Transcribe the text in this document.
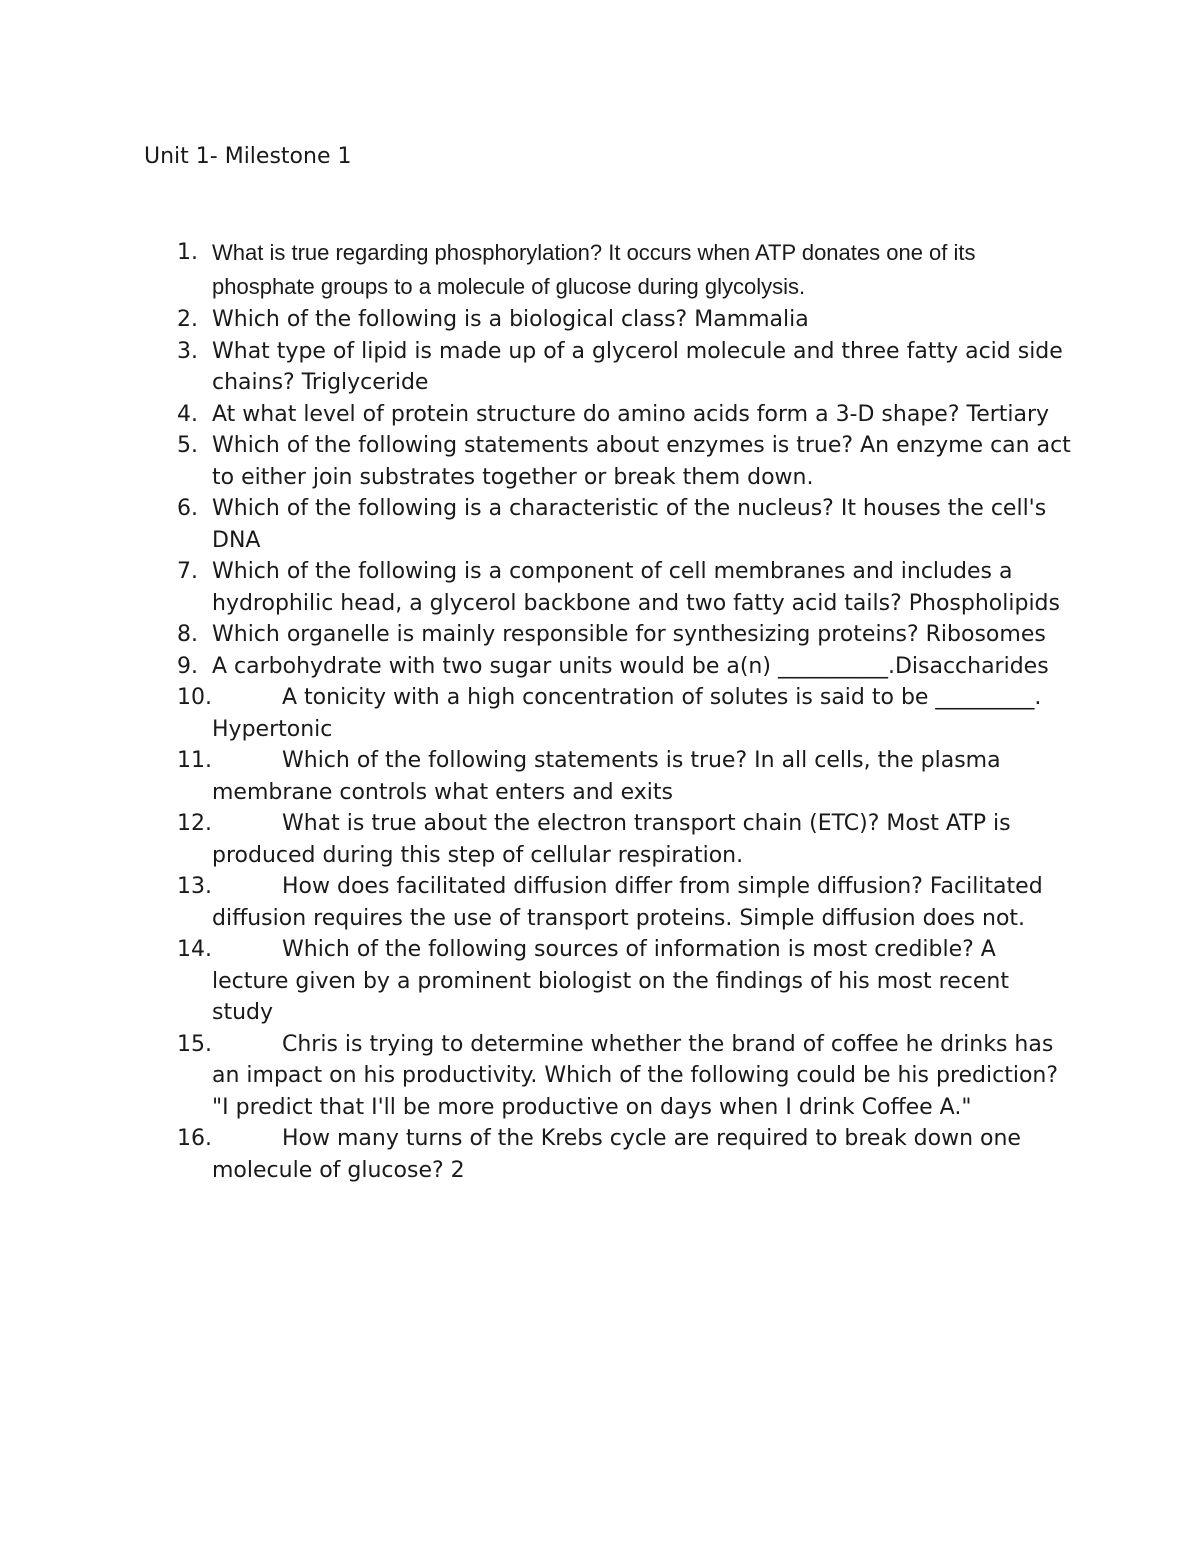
Unit 1- Milestone 1
1. What is true regarding phosphorylation? It occurs when ATP donates one of its phosphate groups to a molecule of glucose during glycolysis.

2. Which of the following is a biological class? Mammalia

3. What type of lipid is made up of a glycerol molecule and three fatty acid side chains? Triglyceride

4. At what level of protein structure do amino acids form a 3-D shape? Tertiary

5. Which of the following statements about enzymes is true? An enzyme can act to either join substrates together or break them down.

6. Which of the following is a characteristic of the nucleus? It houses the cell's DNA

7. Which of the following is a component of cell membranes and includes a hydrophilic head, a glycerol backbone and two fatty acid tails? Phospholipids

8. Which organelle is mainly responsible for synthesizing proteins? Ribosomes

9. A carbohydrate with two sugar units would be a(n) __________.Disaccharides

10.	A tonicity with a high concentration of solutes is said to be _________. Hypertonic

11.	Which of the following statements is true? In all cells, the plasma membrane controls what enters and exits

12.	What is true about the electron transport chain (ETC)? Most ATP is produced during this step of cellular respiration.

13.	How does facilitated diffusion differ from simple diffusion? Facilitated diffusion requires the use of transport proteins. Simple diffusion does not.

14.	Which of the following sources of information is most credible? A lecture given by a prominent biologist on the findings of his most recent study

15.	Chris is trying to determine whether the brand of coffee he drinks has an impact on his productivity. Which of the following could be his prediction? "I predict that I'll be more productive on days when I drink Coffee A."

16.	How many turns of the Krebs cycle are required to break down one molecule of glucose? 2
